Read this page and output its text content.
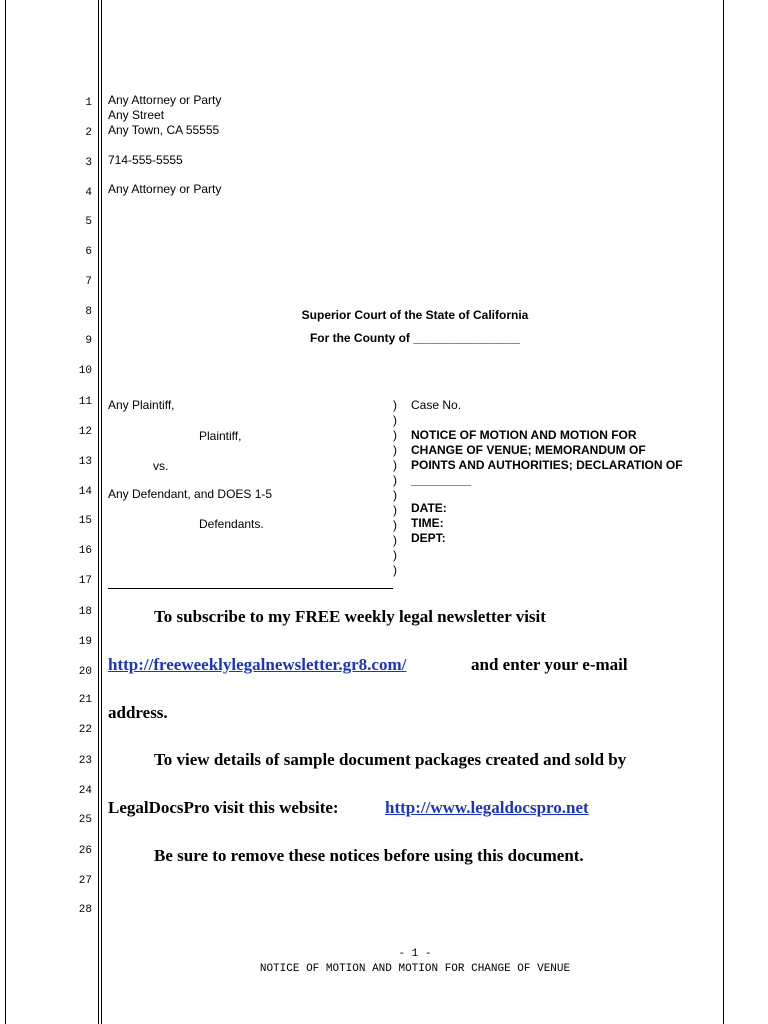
1
2
3
4
5
6
7
8
9
10
11
12
13
14
15
16
17
18
19
20
21
22
23
24
25
26
27
28
Any Attorney or Party
Any Street
Any Town, CA 55555
714-555-5555
Any Attorney or Party
Superior Court of the State of California
For the County of ________________
Any Plaintiff,
Plaintiff,
vs.
Any Defendant, and DOES 1-5
Defendants.
)
)
)
)
)
)
)
)
)
)
)
)
Case No.
NOTICE OF MOTION AND MOTION FOR
CHANGE OF VENUE; MEMORANDUM OF
POINTS AND AUTHORITIES; DECLARATION OF
_________
DATE:
TIME:
DEPT:
To subscribe to my FREE weekly legal newsletter visit
http://freeweeklylegalnewsletter.gr8.com/	and enter your e-mail
address.
To view details of sample document packages created and sold by
LegalDocsPro visit this website:	http://www.legaldocspro.net
Be sure to remove these notices before using this document.
- 1 -
NOTICE OF MOTION AND MOTION FOR CHANGE OF VENUE
